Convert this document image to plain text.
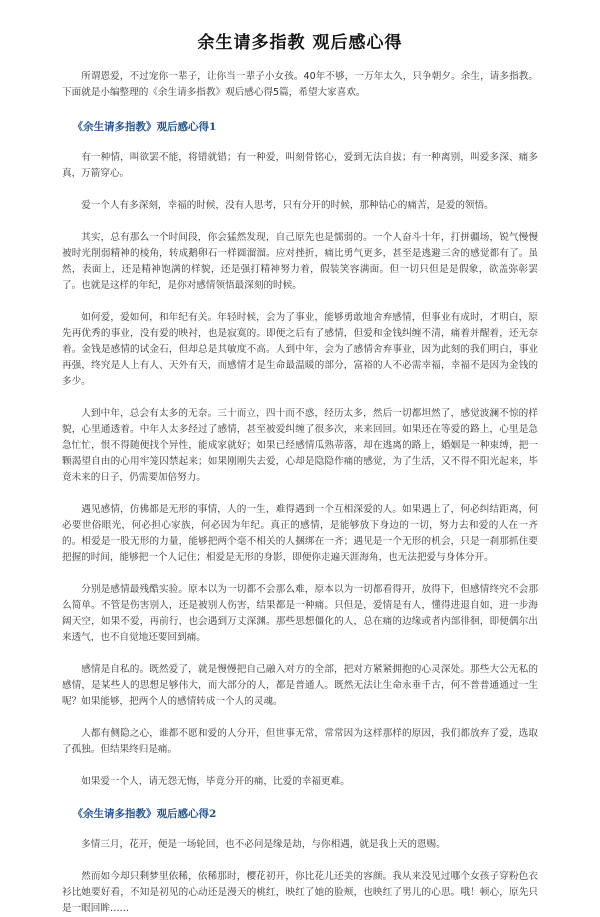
余生请多指教 观后感心得

所谓恩爱，不过宠你一辈子，让你当一辈子小女孩。40年不够，一万年太久，只争朝夕。余生，请多指教。下面就是小编整理的《余生请多指教》观后感心得5篇，希望大家喜欢。

《余生请多指教》观后感心得1

有一种情，叫欲罢不能，将错就错；有一种爱，叫刻骨铭心，爱到无法自拔；有一种离别，叫爱多深、痛多真，万箭穿心。

爱一个人有多深刻，幸福的时候，没有人思考，只有分开的时候，那种钻心的痛苦，是爱的领悟。

其实，总有那么一个时间段，你会猛然发现，自己原先也是懦弱的。一个人奋斗十年，打拼疆场，锐气慢慢被时光削弱精神的棱角，转成鹅卵石一样圆溜溜。应对挫折，痛比勇气更多，甚至是逃避三舍的感觉都有了。虽然，表面上，还是精神饱满的样貌，还是强打精神努力着，假装笑容满面。但一切只但是是假象，欲盖弥彰罢了。也就是这样的年纪，是你对感情领悟最深刻的时候。

如何爱，爱如何，和年纪有关。年轻时候，会为了事业，能够勇敢地舍弃感情，但事业有成时，才明白，原先再优秀的事业，没有爱的映衬，也是寂寞的。即便之后有了感情，但爱和金钱纠缠不清，痛着并醒着，还无奈着。金钱是感情的试金石，但却总是其敏度不高。人到中年，会为了感情舍弃事业，因为此刻的我们明白，事业再强，终究是人上有人、天外有天，而感情才是生命最温暖的部分，富裕的人不必需幸福，幸福不是因为金钱的多少。

人到中年，总会有太多的无奈。三十而立，四十而不惑，经历太多，然后一切都坦然了，感觉波澜不惊的样貌，心里通透着。中年人太多经过了感情，甚至被爱纠缠了很多次，来来回回。如果还在等爱的路上，心里是急急忙忙，恨不得随便找个异性，能成家就好；如果已经感情瓜熟蒂落，却在逃离的路上，婚姻是一种束缚，把一颗渴望自由的心用牢笼囚禁起来；如果刚刚失去爱，心却是隐隐作痛的感觉，为了生活，又不得不阳光起来，毕竟未来的日子，仍需要加倍努力。

遇见感情，仿佛都是无形的事情，人的一生，难得遇到一个互相深爱的人。如果遇上了，何必纠结距离，何必要世俗眼光，何必担心家族，何必因为年纪。真正的感情，是能够放下身边的一切，努力去和爱的人在一齐的。相爱是一股无形的力量，能够把两个毫不相关的人捆绑在一齐；遇见是一个无形的机会，只是一刹那抓住要把握的时间，能够把一个人记住；相爱是无形的身影，即便你走遍天涯海角，也无法把爱与身体分开。

分别是感情最残酷实验。原本以为一切都不会那么难，原本以为一切都看得开，放得下，但感情终究不会那么简单。不管是伤害别人，还是被别人伤害，结果都是一种痛。只但是，爱情是有人，懂得进退自如，进一步海阔天空，如果不爱，再前行，也会遇到万丈深渊。那些思想僵化的人，总在痛的边缘或者内部徘徊，即便偶尔出来透气，也不自觉地还要回到痛。

感情是自私的。既然爱了，就是慢慢把自己融入对方的全部，把对方紧紧拥抱的心灵深处。那些大公无私的感情，是某些人的思想足够伟大，而大部分的人，都是普通人。既然无法让生命永垂千古，何不普普通通过一生呢？如果能够，把两个人的感情转成一个人的灵魂。

人都有侧隐之心，谁都不愿和爱的人分开，但世事无常，常常因为这样那样的原因，我们都放弃了爱，选取了孤独。但结果终归是痛。

如果爱一个人，请无怨无悔，毕竟分开的痛，比爱的幸福更难。

《余生请多指教》观后感心得2

多情三月，花开，便是一场轮回，也不必问是缘是劫，与你相遇，就是我上天的恩赐。

然而如今却只剩梦里依稀，依稀那时，樱花初开，你比花儿还美的容颜。我从来没见过哪个女孩子穿粉色衣衫比她要好看，不知是初见的心动还是漫天的桃红，映红了她的脸颊，也映红了男儿的心思。哦！顿心，原先只是一眼回眸……
